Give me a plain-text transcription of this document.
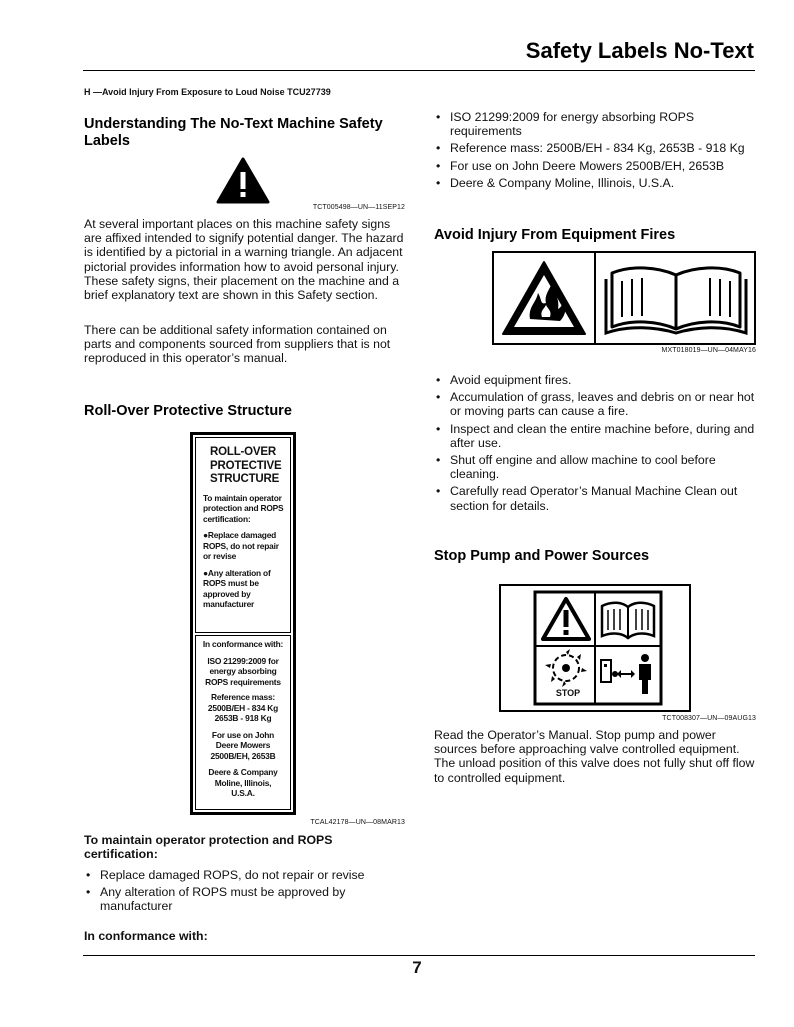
Safety Labels No-Text
H —Avoid Injury From Exposure to Loud Noise TCU27739
Understanding The No-Text Machine Safety Labels
TCT005498—UN—11SEP12

At several important places on this machine safety signs are affixed intended to signify potential danger. The hazard is identified by a pictorial in a warning triangle. An adjacent pictorial provides information how to avoid personal injury. These safety signs, their placement on the machine and a brief explanatory text are shown in this Safety section.

There can be additional safety information contained on parts and components sourced from suppliers that is not reproduced in this operator’s manual.

Roll-Over Protective Structure
ROLL-OVER PROTECTIVE STRUCTURE
To maintain operator protection and ROPS certification:
●Replace damaged ROPS, do not repair or revise
●Any alteration of ROPS must be approved by manufacturer
In conformance with:
ISO 21299:2009 for energy absorbing ROPS requirements
Reference mass:
2500B/EH - 834 Kg
2653B - 918 Kg
For use on John Deere Mowers 2500B/EH, 2653B
Deere & Company Moline, Illinois, U.S.A.
TCAL42178—UN—08MAR13

To maintain operator protection and ROPS certification:

• Replace damaged ROPS, do not repair or revise
• Any alteration of ROPS must be approved by manufacturer

In conformance with:

• ISO 21299:2009 for energy absorbing ROPS requirements
• Reference mass: 2500B/EH - 834 Kg, 2653B - 918 Kg
• For use on John Deere Mowers 2500B/EH, 2653B
• Deere & Company Moline, Illinois, U.S.A.
Avoid Injury From Equipment Fires
MXT018019—UN—04MAY16
• Avoid equipment fires.
• Accumulation of grass, leaves and debris on or near hot or moving parts can cause a fire.
• Inspect and clean the entire machine before, during and after use.
• Shut off engine and allow machine to cool before cleaning.
• Carefully read Operator’s Manual Machine Clean out section for details.
Stop Pump and Power Sources
STOP
TCT008307—UN—09AUG13

Read the Operator’s Manual. Stop pump and power sources before approaching valve controlled equipment. The unload position of this valve does not fully shut off flow to controlled equipment.

7
